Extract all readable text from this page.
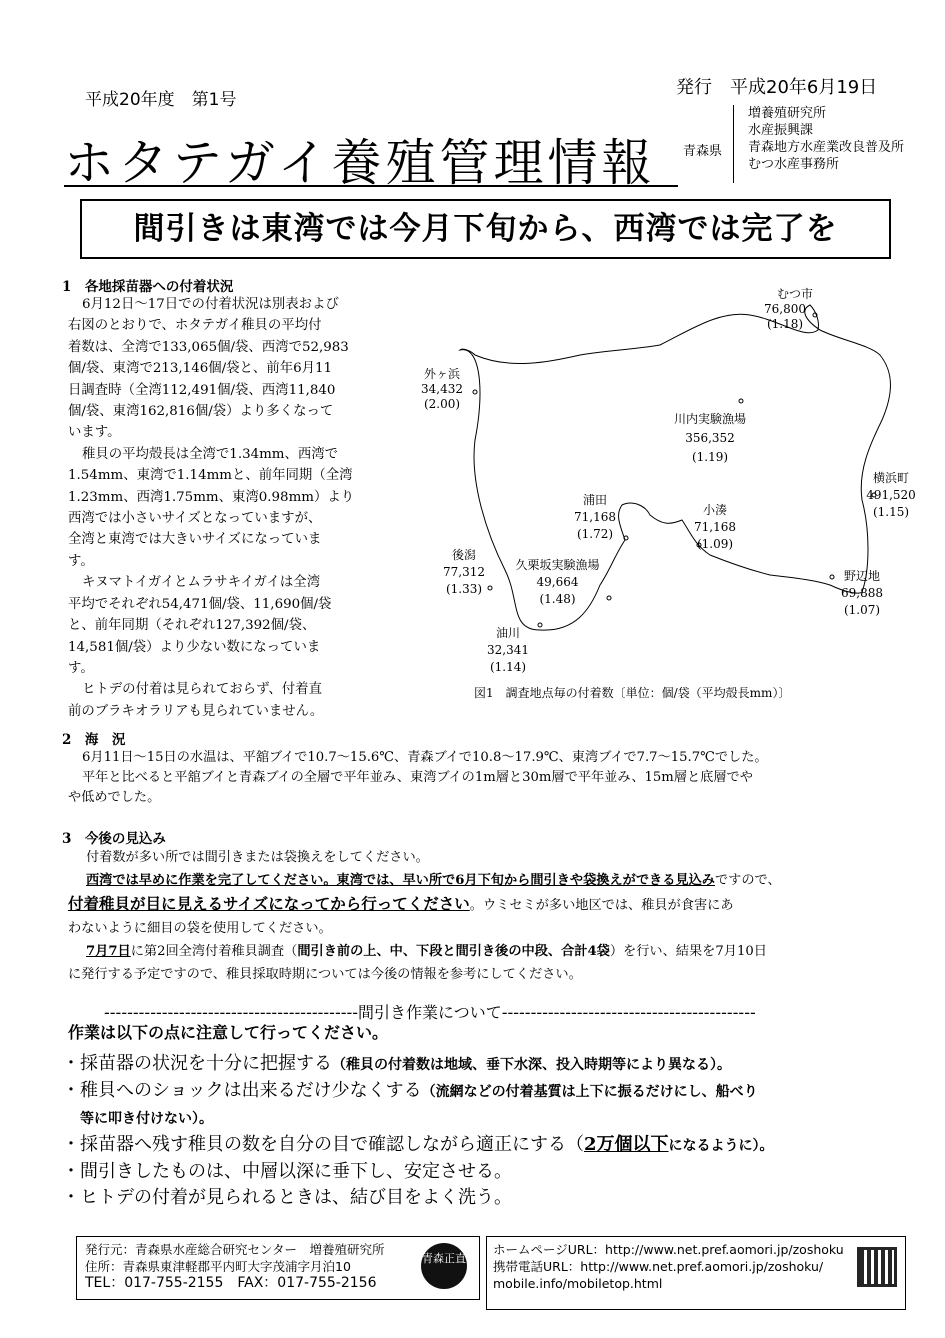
平成20年度　第1号
発行　平成20年6月19日
ホタテガイ養殖管理情報 青森県
増養殖研究所
水産振興課
青森地方水産業改良普及所
むつ水産事務所
間引きは東湾では今月下旬から、西湾では完了を
1　各地採苗器への付着状況
6月12日～17日での付着状況は別表および
右図のとおりで、ホタテガイ稚貝の平均付
着数は、全湾で133,065個/袋、西湾で52,983
個/袋、東湾で213,146個/袋と、前年6月11
日調査時（全湾112,491個/袋、西湾11,840
個/袋、東湾162,816個/袋）より多くなって
います。
稚貝の平均殻長は全湾で1.34mm、西湾で
1.54mm、東湾で1.14mmと、前年同期（全湾
1.23mm、西湾1.75mm、東湾0.98mm）より
西湾では小さいサイズとなっていますが、
全湾と東湾では大きいサイズになっていま
す。
キヌマトイガイとムラサキイガイは全湾
平均でそれぞれ54,471個/袋、11,690個/袋
と、前年同期（それぞれ127,392個/袋、
14,581個/袋）より少ない数になっていま
す。
ヒトデの付着は見られておらず、付着直
前のブラキオラリアも見られていません。
むつ市
76,800
(1.18)
外ヶ浜
34,432
(2.00)
川内実験漁場
356,352
(1.19)
横浜町
491,520
(1.15)
浦田
71,168
(1.72)
小湊
71,168
(1.09)
後潟
77,312
(1.33)
久栗坂実験漁場
49,664
(1.48)
野辺地
69,888
(1.07)
油川
32,341
(1.14)
図1　調査地点毎の付着数〔単位：個/袋（平均殻長mm）〕
2　海　況
6月11日～15日の水温は、平舘ブイで10.7～15.6℃、青森ブイで10.8～17.9℃、東湾ブイで7.7～15.7℃でした。
平年と比べると平舘ブイと青森ブイの全層で平年並み、東湾ブイの1m層と30m層で平年並み、15m層と底層でや
や低めでした。
3　今後の見込み
付着数が多い所では間引きまたは袋換えをしてください。
西湾では早めに作業を完了してください。東湾では、早い所で6月下旬から間引きや袋換えができる見込みですので、
付着稚貝が目に見えるサイズになってから行ってください。ウミセミが多い地区では、稚貝が食害にあ
わないように細目の袋を使用してください。
7月7日に第2回全湾付着稚貝調査（間引き前の上、中、下段と間引き後の中段、合計4袋）を行い、結果を7月10日
に発行する予定ですので、稚貝採取時期については今後の情報を参考にしてください。
--------------------------------------------間引き作業について--------------------------------------------
作業は以下の点に注意して行ってください。
・採苗器の状況を十分に把握する（稚貝の付着数は地域、垂下水深、投入時期等により異なる）。
・稚貝へのショックは出来るだけ少なくする（流網などの付着基質は上下に振るだけにし、船べり
等に叩き付けない）。
・採苗器へ残す稚貝の数を自分の目で確認しながら適正にする（2万個以下になるように）。
・間引きしたものは、中層以深に垂下し、安定させる。
・ヒトデの付着が見られるときは、結び目をよく洗う。
発行元：青森県水産総合研究センター　増養殖研究所
住所：青森県東津軽郡平内町大字茂浦字月泊10
TEL：017-755-2155　FAX：017-755-2156
青森正直
ホームページURL：http://www.net.pref.aomori.jp/zoshoku
携帯電話URL：http://www.net.pref.aomori.jp/zoshoku/
mobile.info/mobiletop.html
